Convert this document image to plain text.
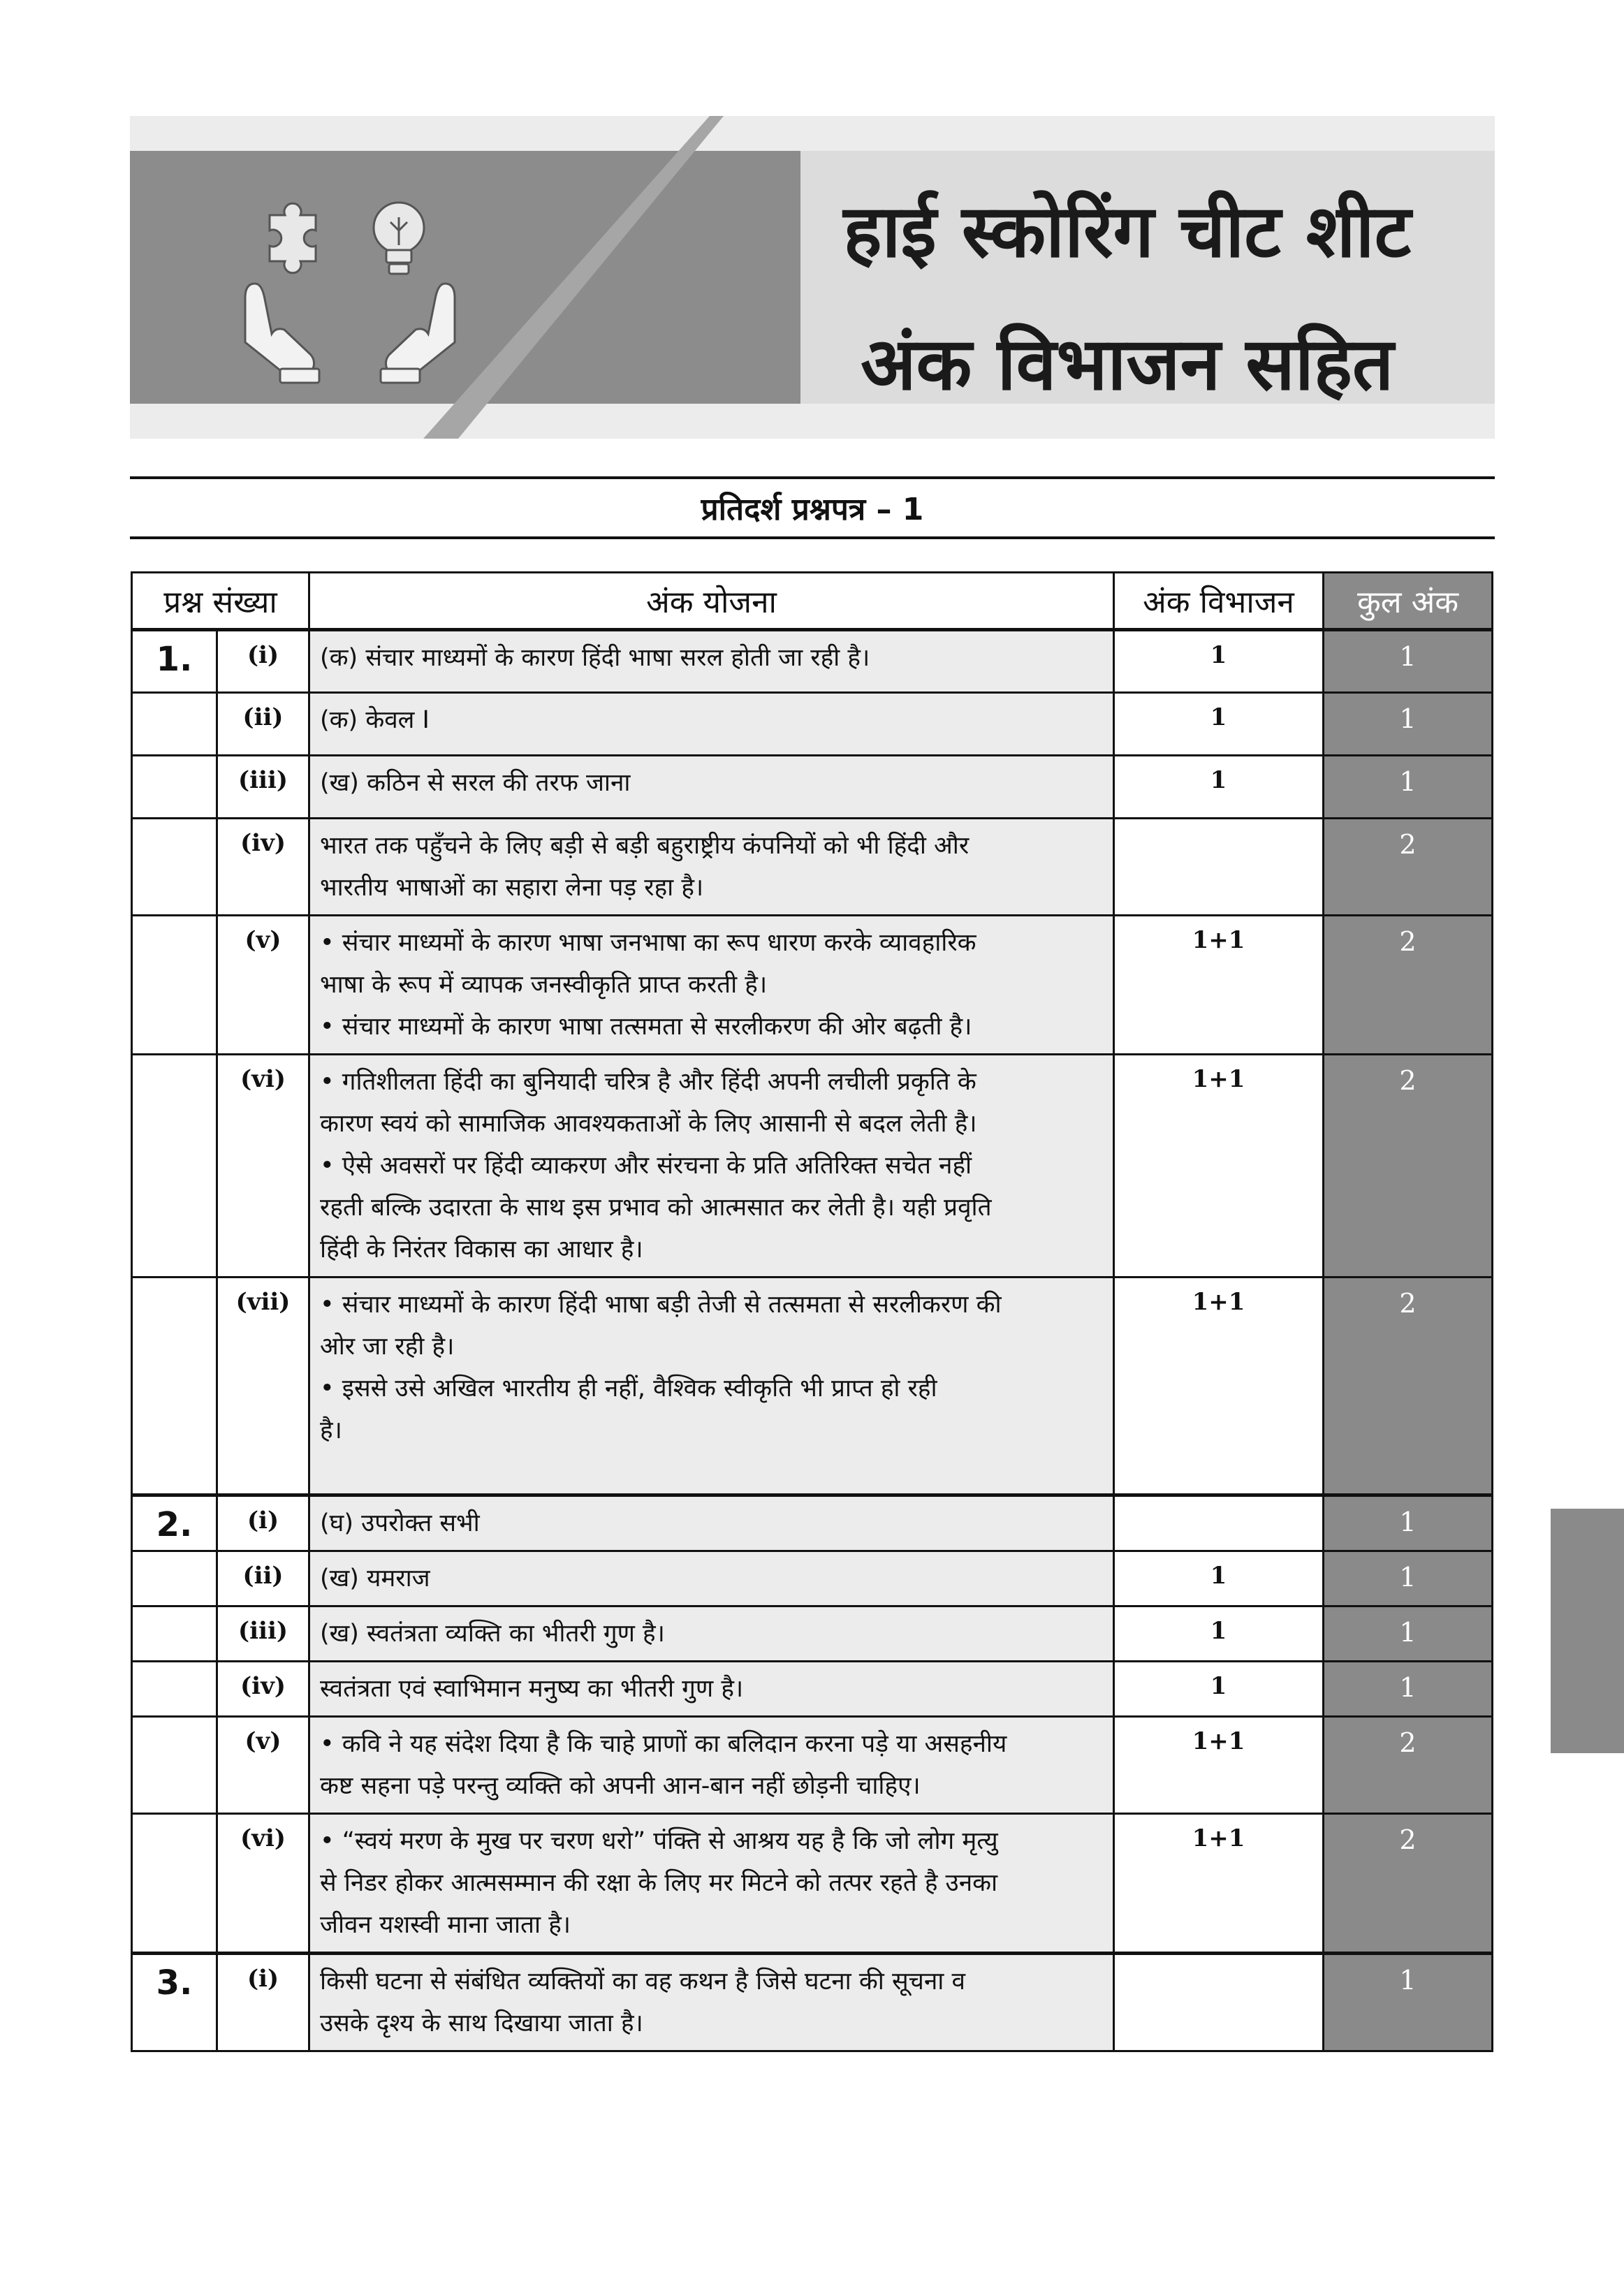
हाई स्कोरिंग चीट शीट
अंक विभाजन सहित
प्रतिदर्श प्रश्नपत्र – 1
प्रश्न संख्या		अंक योजना	अंक विभाजन	कुल अंक
1.	(i)	(क) संचार माध्यमों के कारण हिंदी भाषा सरल होती जा रही है।	1	1
	(ii)	(क) केवल I	1	1
	(iii)	(ख) कठिन से सरल की तरफ जाना	1	1
	(iv)	भारत तक पहुँचने के लिए बड़ी से बड़ी बहुराष्ट्रीय कंपनियों को भी हिंदी और
भारतीय भाषाओं का सहारा लेना पड़ रहा है।		2
	(v)	• संचार माध्यमों के कारण भाषा जनभाषा का रूप धारण करके व्यावहारिक
भाषा के रूप में व्यापक जनस्वीकृति प्राप्त करती है।
• संचार माध्यमों के कारण भाषा तत्समता से सरलीकरण की ओर बढ़ती है।	1+1	2
	(vi)	• गतिशीलता हिंदी का बुनियादी चरित्र है और हिंदी अपनी लचीली प्रकृति के
कारण स्वयं को सामाजिक आवश्यकताओं के लिए आसानी से बदल लेती है।
• ऐसे अवसरों पर हिंदी व्याकरण और संरचना के प्रति अतिरिक्त सचेत नहीं
रहती बल्कि उदारता के साथ इस प्रभाव को आत्मसात कर लेती है। यही प्रवृति
हिंदी के निरंतर विकास का आधार है।	1+1	2
	(vii)	• संचार माध्यमों के कारण हिंदी भाषा बड़ी तेजी से तत्समता से सरलीकरण की
ओर जा रही है।
• इससे उसे अखिल भारतीय ही नहीं, वैश्विक स्वीकृति भी प्राप्त हो रही
है।	1+1	2
2.	(i)	(घ) उपरोक्त सभी		1
	(ii)	(ख) यमराज	1	1
	(iii)	(ख) स्वतंत्रता व्यक्ति का भीतरी गुण है।	1	1
	(iv)	स्वतंत्रता एवं स्वाभिमान मनुष्य का भीतरी गुण है।	1	1
	(v)	• कवि ने यह संदेश दिया है कि चाहे प्राणों का बलिदान करना पड़े या असहनीय
कष्ट सहना पड़े परन्तु व्यक्ति को अपनी आन-बान नहीं छोड़नी चाहिए।	1+1	2
	(vi)	• “स्वयं मरण के मुख पर चरण धरो” पंक्ति से आश्रय यह है कि जो लोग मृत्यु
से निडर होकर आत्मसम्मान की रक्षा के लिए मर मिटने को तत्पर रहते है उनका
जीवन यशस्वी माना जाता है।	1+1	2
3.	(i)	किसी घटना से संबंधित व्यक्तियों का वह कथन है जिसे घटना की सूचना व
उसके दृश्य के साथ दिखाया जाता है।		1
